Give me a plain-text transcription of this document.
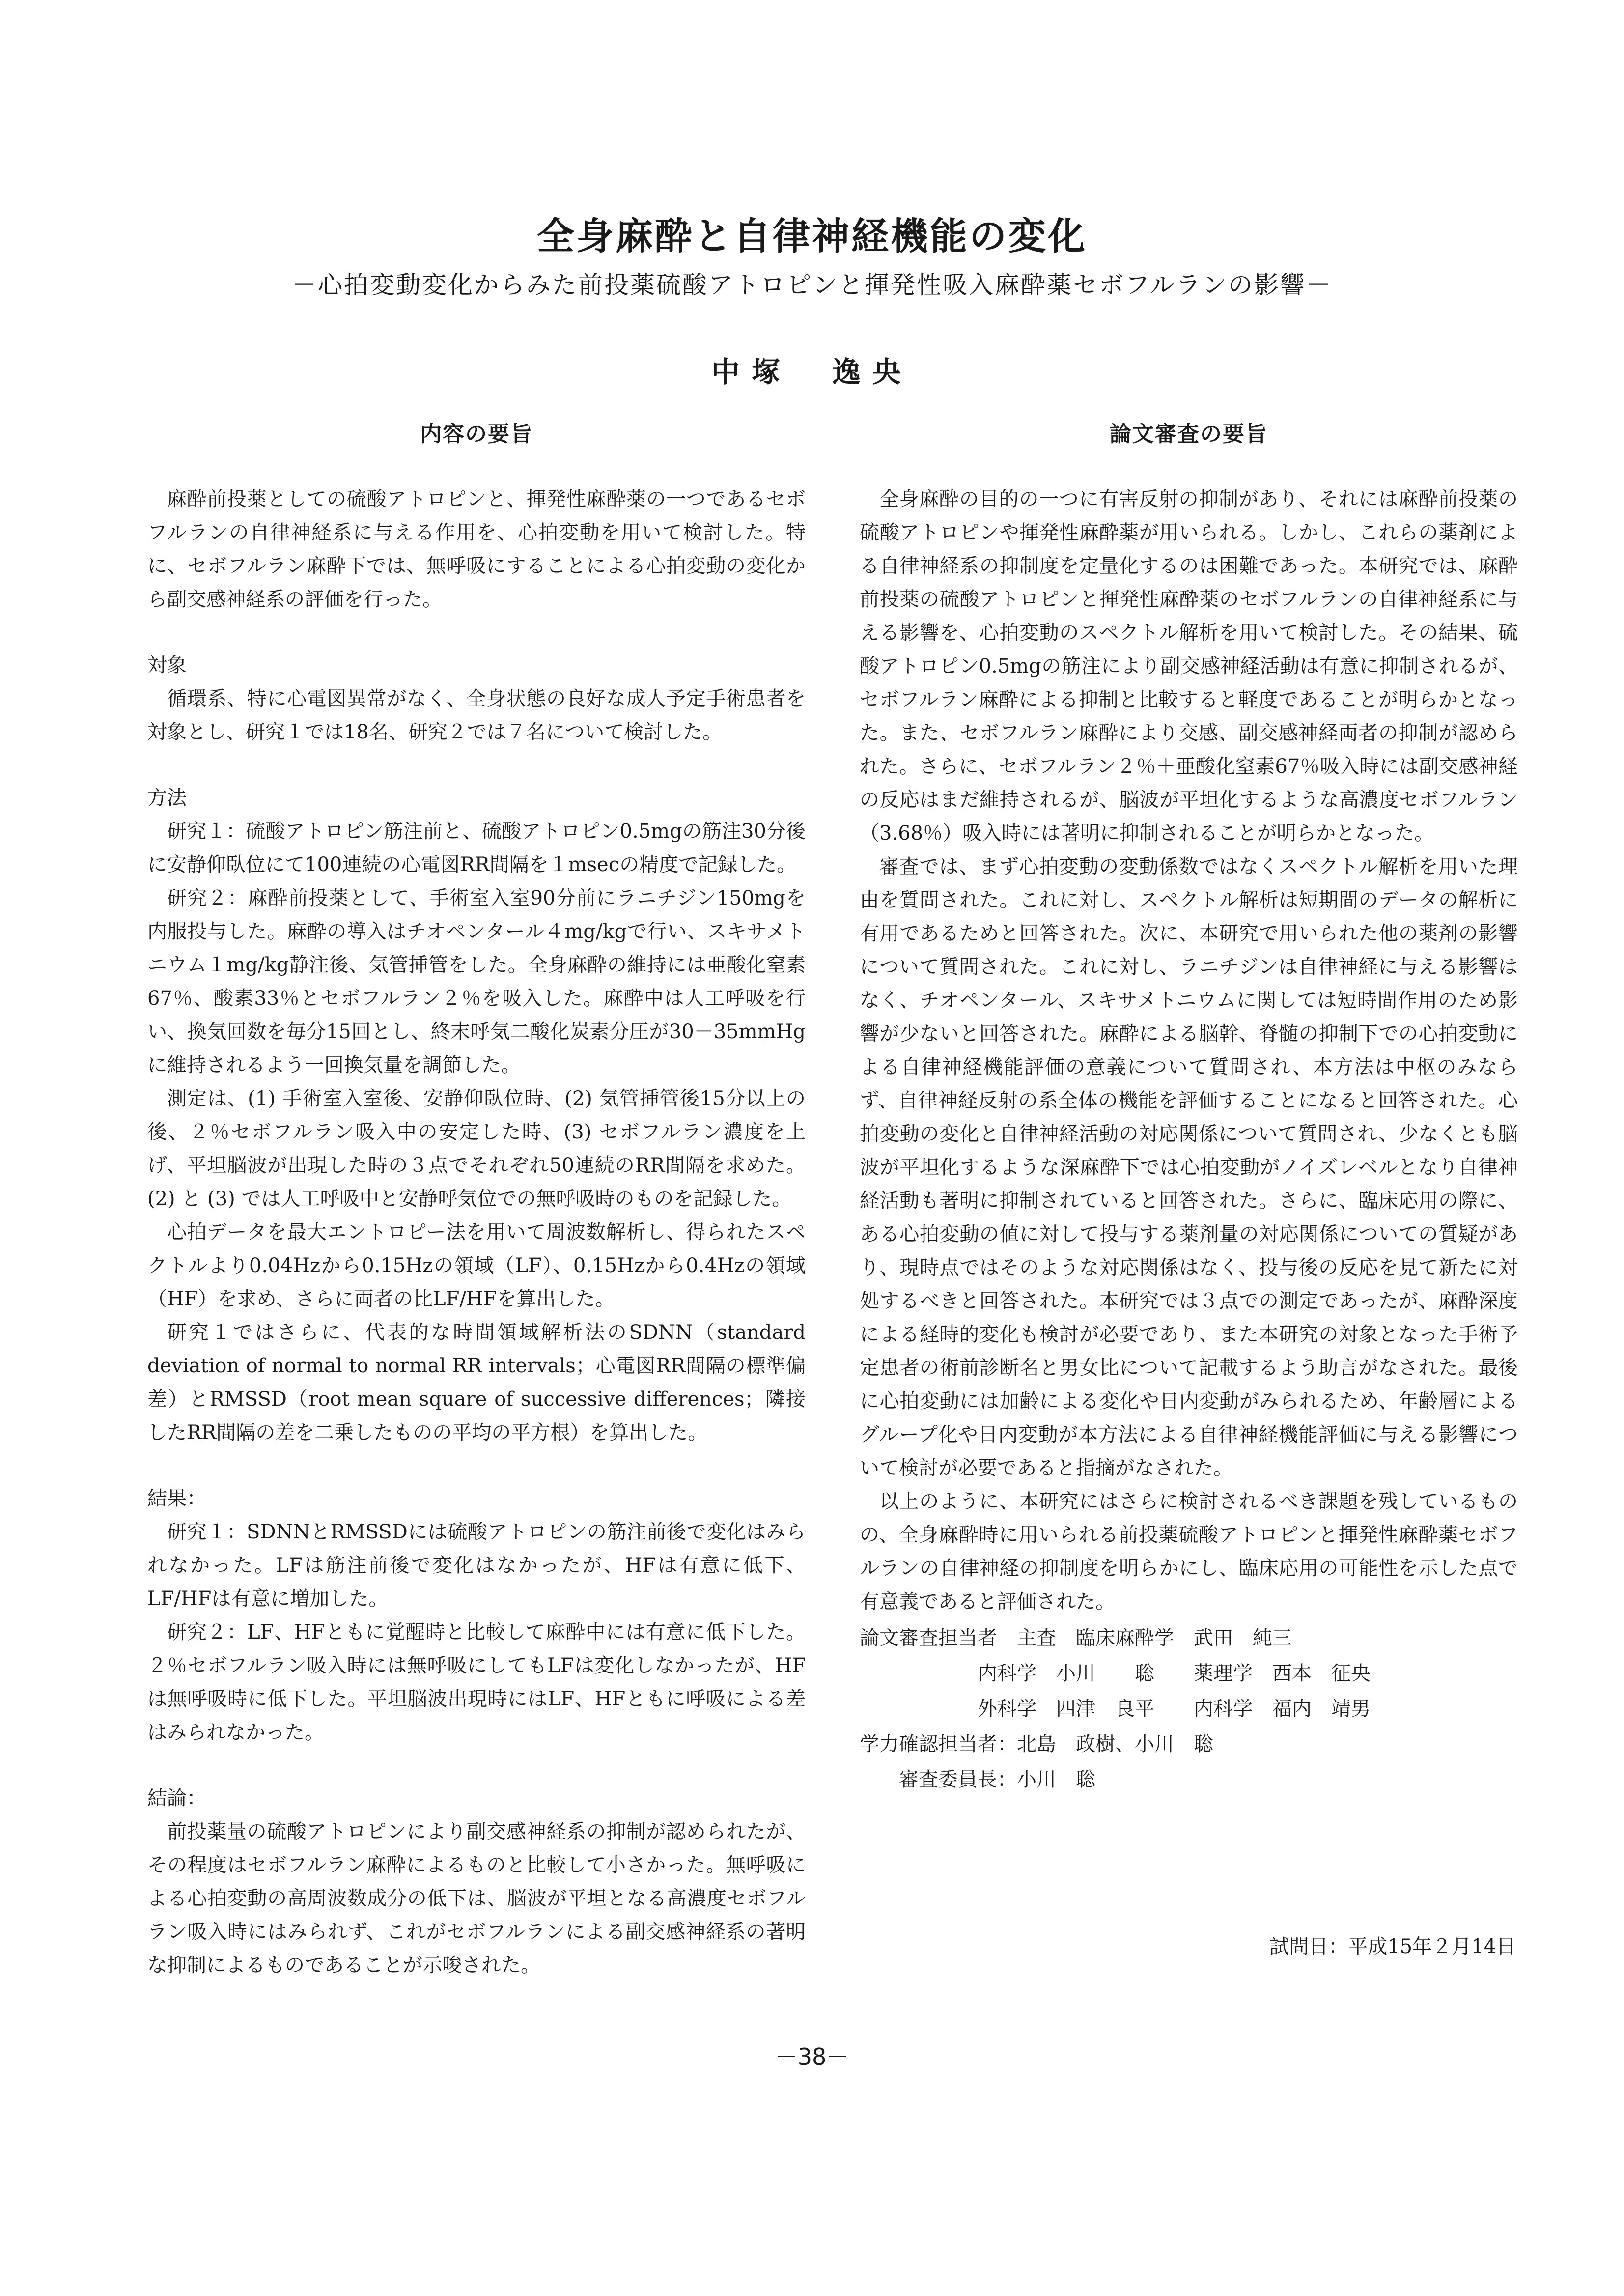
全身麻酔と自律神経機能の変化
－心拍変動変化からみた前投薬硫酸アトロピンと揮発性吸入麻酔薬セボフルランの影響－
中塚　逸央
内容の要旨

麻酔前投薬としての硫酸アトロピンと、揮発性麻酔薬の一つであるセボフルランの自律神経系に与える作用を、心拍変動を用いて検討した。特に、セボフルラン麻酔下では、無呼吸にすることによる心拍変動の変化から副交感神経系の評価を行った。

対象

循環系、特に心電図異常がなく、全身状態の良好な成人予定手術患者を対象とし、研究１では18名、研究２では７名について検討した。

方法

研究１：硫酸アトロピン筋注前と、硫酸アトロピン0.5mgの筋注30分後に安静仰臥位にて100連続の心電図RR間隔を１msecの精度で記録した。

研究２：麻酔前投薬として、手術室入室90分前にラニチジン150mgを内服投与した。麻酔の導入はチオペンタール４mg/kgで行い、スキサメトニウム１mg/kg静注後、気管挿管をした。全身麻酔の維持には亜酸化窒素67％、酸素33％とセボフルラン２％を吸入した。麻酔中は人工呼吸を行い、換気回数を毎分15回とし、終末呼気二酸化炭素分圧が30－35mmHgに維持されるよう一回換気量を調節した。

測定は、(1) 手術室入室後、安静仰臥位時、(2) 気管挿管後15分以上の後、２％セボフルラン吸入中の安定した時、(3) セボフルラン濃度を上げ、平坦脳波が出現した時の３点でそれぞれ50連続のRR間隔を求めた。(2) と (3) では人工呼吸中と安静呼気位での無呼吸時のものを記録した。

心拍データを最大エントロピー法を用いて周波数解析し、得られたスペクトルより0.04Hzから0.15Hzの領域（LF）、0.15Hzから0.4Hzの領域（HF）を求め、さらに両者の比LF/HFを算出した。

研究１ではさらに、代表的な時間領域解析法のSDNN（standard deviation of normal to normal RR intervals；心電図RR間隔の標準偏差）とRMSSD（root mean square of successive differences；隣接したRR間隔の差を二乗したものの平均の平方根）を算出した。

結果：

研究１：SDNNとRMSSDには硫酸アトロピンの筋注前後で変化はみられなかった。LFは筋注前後で変化はなかったが、HFは有意に低下、LF/HFは有意に増加した。

研究２：LF、HFともに覚醒時と比較して麻酔中には有意に低下した。２％セボフルラン吸入時には無呼吸にしてもLFは変化しなかったが、HFは無呼吸時に低下した。平坦脳波出現時にはLF、HFともに呼吸による差はみられなかった。

結論：

前投薬量の硫酸アトロピンにより副交感神経系の抑制が認められたが、その程度はセボフルラン麻酔によるものと比較して小さかった。無呼吸による心拍変動の高周波数成分の低下は、脳波が平坦となる高濃度セボフルラン吸入時にはみられず、これがセボフルランによる副交感神経系の著明な抑制によるものであることが示唆された。

論文審査の要旨

全身麻酔の目的の一つに有害反射の抑制があり、それには麻酔前投薬の硫酸アトロピンや揮発性麻酔薬が用いられる。しかし、これらの薬剤による自律神経系の抑制度を定量化するのは困難であった。本研究では、麻酔前投薬の硫酸アトロピンと揮発性麻酔薬のセボフルランの自律神経系に与える影響を、心拍変動のスペクトル解析を用いて検討した。その結果、硫酸アトロピン0.5mgの筋注により副交感神経活動は有意に抑制されるが、セボフルラン麻酔による抑制と比較すると軽度であることが明らかとなった。また、セボフルラン麻酔により交感、副交感神経両者の抑制が認められた。さらに、セボフルラン２％＋亜酸化窒素67％吸入時には副交感神経の反応はまだ維持されるが、脳波が平坦化するような高濃度セボフルラン（3.68％）吸入時には著明に抑制されることが明らかとなった。

審査では、まず心拍変動の変動係数ではなくスペクトル解析を用いた理由を質問された。これに対し、スペクトル解析は短期間のデータの解析に有用であるためと回答された。次に、本研究で用いられた他の薬剤の影響について質問された。これに対し、ラニチジンは自律神経に与える影響はなく、チオペンタール、スキサメトニウムに関しては短時間作用のため影響が少ないと回答された。麻酔による脳幹、脊髄の抑制下での心拍変動による自律神経機能評価の意義について質問され、本方法は中枢のみならず、自律神経反射の系全体の機能を評価することになると回答された。心拍変動の変化と自律神経活動の対応関係について質問され、少なくとも脳波が平坦化するような深麻酔下では心拍変動がノイズレベルとなり自律神経活動も著明に抑制されていると回答された。さらに、臨床応用の際に、ある心拍変動の値に対して投与する薬剤量の対応関係についての質疑があり、現時点ではそのような対応関係はなく、投与後の反応を見て新たに対処するべきと回答された。本研究では３点での測定であったが、麻酔深度による経時的変化も検討が必要であり、また本研究の対象となった手術予定患者の術前診断名と男女比について記載するよう助言がなされた。最後に心拍変動には加齢による変化や日内変動がみられるため、年齢層によるグループ化や日内変動が本方法による自律神経機能評価に与える影響について検討が必要であると指摘がなされた。

以上のように、本研究にはさらに検討されるべき課題を残しているものの、全身麻酔時に用いられる前投薬硫酸アトロピンと揮発性麻酔薬セボフルランの自律神経の抑制度を明らかにし、臨床応用の可能性を示した点で有意義であると評価された。

論文審査担当者　主査　臨床麻酔学　武田　純三
　　　　　　内科学　小川　　聡　　薬理学　西本　征央
　　　　　　外科学　四津　良平　　内科学　福内　靖男
学力確認担当者：北島　政樹、小川　聡
　　審査委員長：小川　聡
試問日：平成15年２月14日
－38－
